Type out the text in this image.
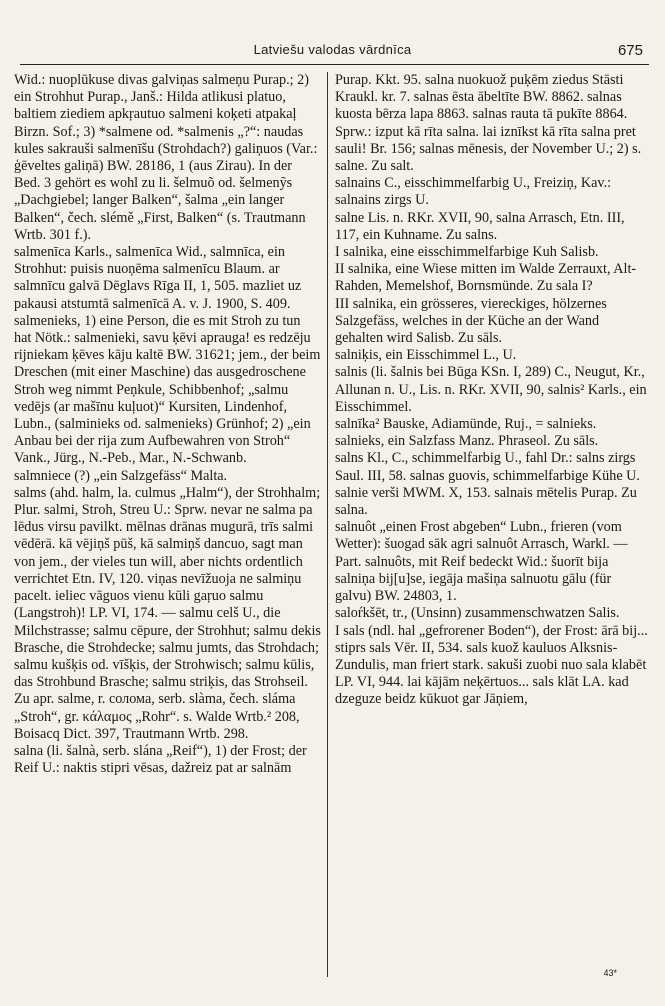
Latviešu valodas vārdnīca	675

Wid.: nuoplūkuse divas galviņas salmeņu Purap.; 2) ein Strohhut Purap., Janš.: Hilda atlikusi platuo, baltiem ziediem apkŗautuo salmeni koķeti atpakaļ Birzn. Sof.; 3) *salmene od. *salmenis „?“: naudas kules sakrauši salmenīšu (Strohdach?) galiņuos (Var.: ģēveltes galiņā) BW. 28186, 1 (aus Zirau). In der Bed. 3 gehört es wohl zu li. šelmuõ od. šelmenỹs „Dachgiebel; langer Balken“, šalma „ein langer Balken“, čech. slémě „First, Balken“ (s. Trautmann Wrtb. 301 f.).

salmenīca Karls., salmenīca Wid., salmnīca, ein Strohhut: puisis nuoņēma salmenīcu Blaum. ar salmnīcu galvā Dēglavs Rīga II, 1, 505. mazliet uz pakausi atstumtā salmenīcā A. v. J. 1900, S. 409.

salmenieks, 1) eine Person, die es mit Stroh zu tun hat Nötk.: salmenieki, savu ķēvi aprauga! es redzēju rijniekam ķēves kāju kaltē BW. 31621; jem., der beim Dreschen (mit einer Maschine) das ausgedroschene Stroh weg nimmt Peņkule, Schibbenhof; „salmu vedējs (ar mašīnu kuļuot)“ Kursiten, Lindenhof, Lubn., (salminieks od. salmenieks) Grünhof; 2) „ein Anbau bei der rija zum Aufbewahren von Stroh“ Vank., Jürg., N.-Peb., Mar., N.-Schwanb.

salmniece (?) „ein Salzgefäss“ Malta.

salms (ahd. halm, la. culmus „Halm“), der Strohhalm; Plur. salmi, Stroh, Streu U.: Sprw. nevar ne salma pa lēdus virsu pavilkt. mēlnas drānas mugurā, trīs salmi vēdērā. kā vējiņš pūš, kā salmiņš dancuo, sagt man von jem., der vieles tun will, aber nichts ordentlich verrichtet Etn. IV, 120. viņas nevīžuoja ne salmiņu pacelt. ieliec vāguos vienu kūli gaŗuo salmu (Langstroh)! LP. VI, 174. — salmu celš U., die Milchstrasse; salmu cēpure, der Strohhut; salmu dekis Brasche, die Strohdecke; salmu jumts, das Strohdach; salmu kušķis od. vīšķis, der Strohwisch; salmu kūlis, das Strohbund Brasche; salmu striķis, das Strohseil. Zu apr. salme, r. солома, serb. slàma, čech. sláma „Stroh“, gr. κάλαμος „Rohr“. s. Walde Wrtb.² 208, Boisacq Dict. 397, Trautmann Wrtb. 298.

salna (li. šalnà, serb. slána „Reif“), 1) der Frost; der Reif U.: naktis stipri vēsas, dažreiz pat ar salnām

Purap. Kkt. 95. salna nuokuož puķēm ziedus Stāsti Kraukl. kr. 7. salnas ēsta ābeltīte BW. 8862. salnas kuosta bērza lapa 8863. salnas rauta tā pukīte 8864. Sprw.: izput kā rīta salna. lai iznīkst kā rīta salna pret sauli! Br. 156; salnas mēnesis, der November U.; 2) s. salne. Zu salt.

salnains C., eisschimmelfarbig U., Freiziņ, Kav.: salnains zirgs U.

salne Lis. n. RKr. XVII, 90, salna Arrasch, Etn. III, 117, ein Kuhname. Zu salns.

I salnika, eine eisschimmelfarbige Kuh Salisb.

II salnika, eine Wiese mitten im Walde Zerrauxt, Alt-Rahden, Memelshof, Bornsmünde. Zu sala I?

III salnika, ein grösseres, viereckiges, hölzernes Salzgefäss, welches in der Küche an der Wand gehalten wird Salisb. Zu sāls.

salniķis, ein Eisschimmel L., U.

salnis (li. šalnis bei Būga KSn. I, 289) C., Neugut, Kr., Allunan n. U., Lis. n. RKr. XVII, 90, salnis² Karls., ein Eisschimmel.

salnīka² Bauske, Adiamünde, Ruj., = salnieks.

salnieks, ein Salzfass Manz. Phraseol. Zu sāls.

salns Kl., C., schimmelfarbig U., fahl Dr.: salns zirgs Saul. III, 58. salnas guovis, schimmelfarbige Kühe U. salnie verši MWM. X, 153. salnais mētelis Purap. Zu salna.

salnuôt „einen Frost abgeben“ Lubn., frieren (vom Wetter): šuogad sāk agri salnuôt Arrasch, Warkl. — Part. salnuôts, mit Reif bedeckt Wid.: šuorīt bija salniņa bij[u]se, iegāja mašiņa salnuotu gālu (für galvu) BW. 24803, 1.

saloŕkšēt, tr., (Unsinn) zusammenschwatzen Salis.

I sals (ndl. hal „gefrorener Boden“), der Frost: ārā bij... stiprs sals Vēr. II, 534. sals kuož kauluos Alksnis-Zundulis, man friert stark. sakuši zuobi nuo sala klabēt LP. VI, 944. lai kājām neķērtuos... sals klāt LA. kad dzeguze beidz kūkuot gar Jāņiem,

43*
